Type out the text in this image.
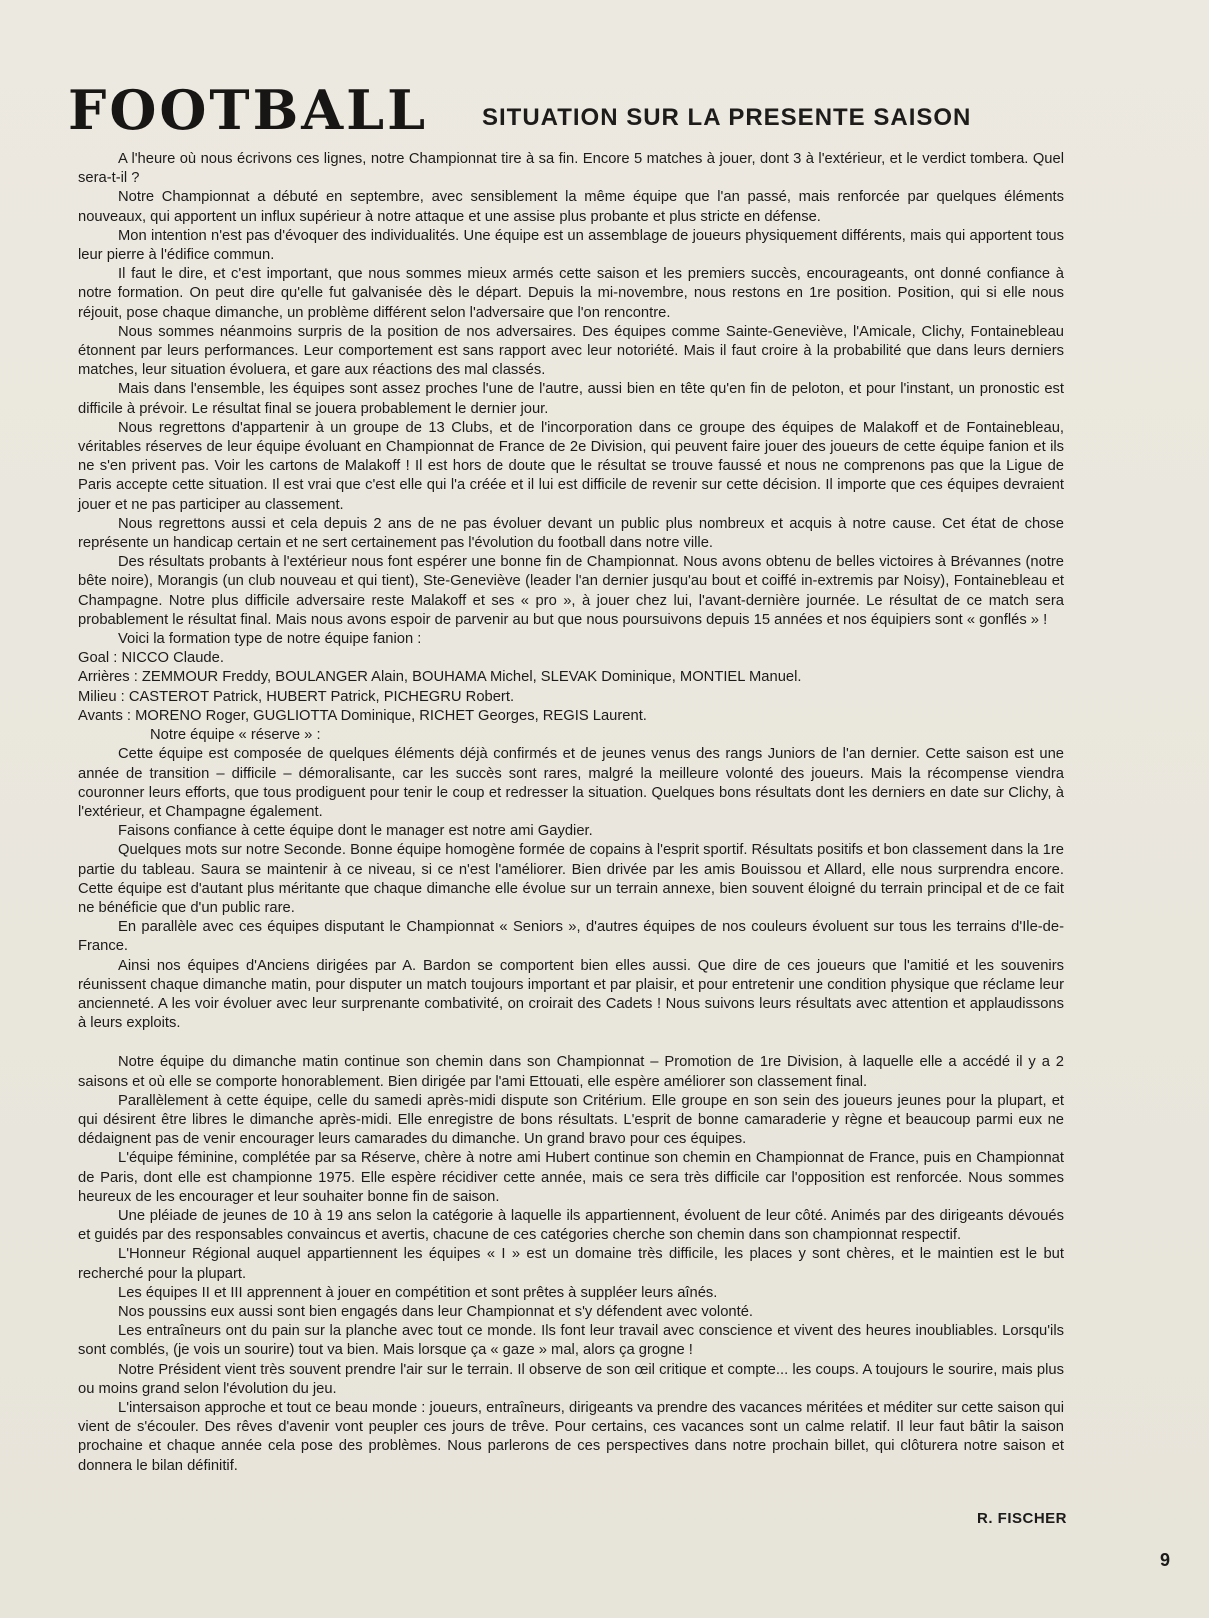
FOOTBALL SITUATION SUR LA PRESENTE SAISON

A l'heure où nous écrivons ces lignes, notre Championnat tire à sa fin. Encore 5 matches à jouer, dont 3 à l'extérieur, et le verdict tombera. Quel sera-t-il ?

Notre Championnat a débuté en septembre, avec sensiblement la même équipe que l'an passé, mais renforcée par quelques éléments nouveaux, qui apportent un influx supérieur à notre attaque et une assise plus probante et plus stricte en défense.

Mon intention n'est pas d'évoquer des individualités. Une équipe est un assemblage de joueurs physiquement différents, mais qui apportent tous leur pierre à l'édifice commun.

Il faut le dire, et c'est important, que nous sommes mieux armés cette saison et les premiers succès, encourageants, ont donné confiance à notre formation. On peut dire qu'elle fut galvanisée dès le départ. Depuis la mi-novembre, nous restons en 1re position. Position, qui si elle nous réjouit, pose chaque dimanche, un problème différent selon l'adversaire que l'on rencontre.

Nous sommes néanmoins surpris de la position de nos adversaires. Des équipes comme Sainte-Geneviève, l'Amicale, Clichy, Fontainebleau étonnent par leurs performances. Leur comportement est sans rapport avec leur notoriété. Mais il faut croire à la probabilité que dans leurs derniers matches, leur situation évoluera, et gare aux réactions des mal classés.

Mais dans l'ensemble, les équipes sont assez proches l'une de l'autre, aussi bien en tête qu'en fin de peloton, et pour l'instant, un pronostic est difficile à prévoir. Le résultat final se jouera probablement le dernier jour.

Nous regrettons d'appartenir à un groupe de 13 Clubs, et de l'incorporation dans ce groupe des équipes de Malakoff et de Fontainebleau, véritables réserves de leur équipe évoluant en Championnat de France de 2e Division, qui peuvent faire jouer des joueurs de cette équipe fanion et ils ne s'en privent pas. Voir les cartons de Malakoff ! Il est hors de doute que le résultat se trouve faussé et nous ne comprenons pas que la Ligue de Paris accepte cette situation. Il est vrai que c'est elle qui l'a créée et il lui est difficile de revenir sur cette décision. Il importe que ces équipes devraient jouer et ne pas participer au classement.

Nous regrettons aussi et cela depuis 2 ans de ne pas évoluer devant un public plus nombreux et acquis à notre cause. Cet état de chose représente un handicap certain et ne sert certainement pas l'évolution du football dans notre ville.

Des résultats probants à l'extérieur nous font espérer une bonne fin de Championnat. Nous avons obtenu de belles victoires à Brévannes (notre bête noire), Morangis (un club nouveau et qui tient), Ste-Geneviève (leader l'an dernier jusqu'au bout et coiffé in-extremis par Noisy), Fontainebleau et Champagne. Notre plus difficile adversaire reste Malakoff et ses « pro », à jouer chez lui, l'avant-dernière journée. Le résultat de ce match sera probablement le résultat final. Mais nous avons espoir de parvenir au but que nous poursuivons depuis 15 années et nos équipiers sont « gonflés » !

Voici la formation type de notre équipe fanion :

Goal : NICCO Claude.

Arrières : ZEMMOUR Freddy, BOULANGER Alain, BOUHAMA Michel, SLEVAK Dominique, MONTIEL Manuel.

Milieu : CASTEROT Patrick, HUBERT Patrick, PICHEGRU Robert.

Avants : MORENO Roger, GUGLIOTTA Dominique, RICHET Georges, REGIS Laurent.

Notre équipe « réserve » :

Cette équipe est composée de quelques éléments déjà confirmés et de jeunes venus des rangs Juniors de l'an dernier. Cette saison est une année de transition – difficile – démoralisante, car les succès sont rares, malgré la meilleure volonté des joueurs. Mais la récompense viendra couronner leurs efforts, que tous prodiguent pour tenir le coup et redresser la situation. Quelques bons résultats dont les derniers en date sur Clichy, à l'extérieur, et Champagne également.

Faisons confiance à cette équipe dont le manager est notre ami Gaydier.

Quelques mots sur notre Seconde. Bonne équipe homogène formée de copains à l'esprit sportif. Résultats positifs et bon classement dans la 1re partie du tableau. Saura se maintenir à ce niveau, si ce n'est l'améliorer. Bien drivée par les amis Bouissou et Allard, elle nous surprendra encore. Cette équipe est d'autant plus méritante que chaque dimanche elle évolue sur un terrain annexe, bien souvent éloigné du terrain principal et de ce fait ne bénéficie que d'un public rare.

En parallèle avec ces équipes disputant le Championnat « Seniors », d'autres équipes de nos couleurs évoluent sur tous les terrains d'Ile-de-France.

Ainsi nos équipes d'Anciens dirigées par A. Bardon se comportent bien elles aussi. Que dire de ces joueurs que l'amitié et les souvenirs réunissent chaque dimanche matin, pour disputer un match toujours important et par plaisir, et pour entretenir une condition physique que réclame leur ancienneté. A les voir évoluer avec leur surprenante combativité, on croirait des Cadets ! Nous suivons leurs résultats avec attention et applaudissons à leurs exploits.

Notre équipe du dimanche matin continue son chemin dans son Championnat – Promotion de 1re Division, à laquelle elle a accédé il y a 2 saisons et où elle se comporte honorablement. Bien dirigée par l'ami Ettouati, elle espère améliorer son classement final.

Parallèlement à cette équipe, celle du samedi après-midi dispute son Critérium. Elle groupe en son sein des joueurs jeunes pour la plupart, et qui désirent être libres le dimanche après-midi. Elle enregistre de bons résultats. L'esprit de bonne camaraderie y règne et beaucoup parmi eux ne dédaignent pas de venir encourager leurs camarades du dimanche. Un grand bravo pour ces équipes.

L'équipe féminine, complétée par sa Réserve, chère à notre ami Hubert continue son chemin en Championnat de France, puis en Championnat de Paris, dont elle est championne 1975. Elle espère récidiver cette année, mais ce sera très difficile car l'opposition est renforcée. Nous sommes heureux de les encourager et leur souhaiter bonne fin de saison.

Une pléiade de jeunes de 10 à 19 ans selon la catégorie à laquelle ils appartiennent, évoluent de leur côté. Animés par des dirigeants dévoués et guidés par des responsables convaincus et avertis, chacune de ces catégories cherche son chemin dans son championnat respectif.

L'Honneur Régional auquel appartiennent les équipes « I » est un domaine très difficile, les places y sont chères, et le maintien est le but recherché pour la plupart.

Les équipes II et III apprennent à jouer en compétition et sont prêtes à suppléer leurs aînés.

Nos poussins eux aussi sont bien engagés dans leur Championnat et s'y défendent avec volonté.

Les entraîneurs ont du pain sur la planche avec tout ce monde. Ils font leur travail avec conscience et vivent des heures inoubliables. Lorsqu'ils sont comblés, (je vois un sourire) tout va bien. Mais lorsque ça « gaze » mal, alors ça grogne !

Notre Président vient très souvent prendre l'air sur le terrain. Il observe de son œil critique et compte... les coups. A toujours le sourire, mais plus ou moins grand selon l'évolution du jeu.

L'intersaison approche et tout ce beau monde : joueurs, entraîneurs, dirigeants va prendre des vacances méritées et méditer sur cette saison qui vient de s'écouler. Des rêves d'avenir vont peupler ces jours de trêve. Pour certains, ces vacances sont un calme relatif. Il leur faut bâtir la saison prochaine et chaque année cela pose des problèmes. Nous parlerons de ces perspectives dans notre prochain billet, qui clôturera notre saison et donnera le bilan définitif.

R. FISCHER
9
